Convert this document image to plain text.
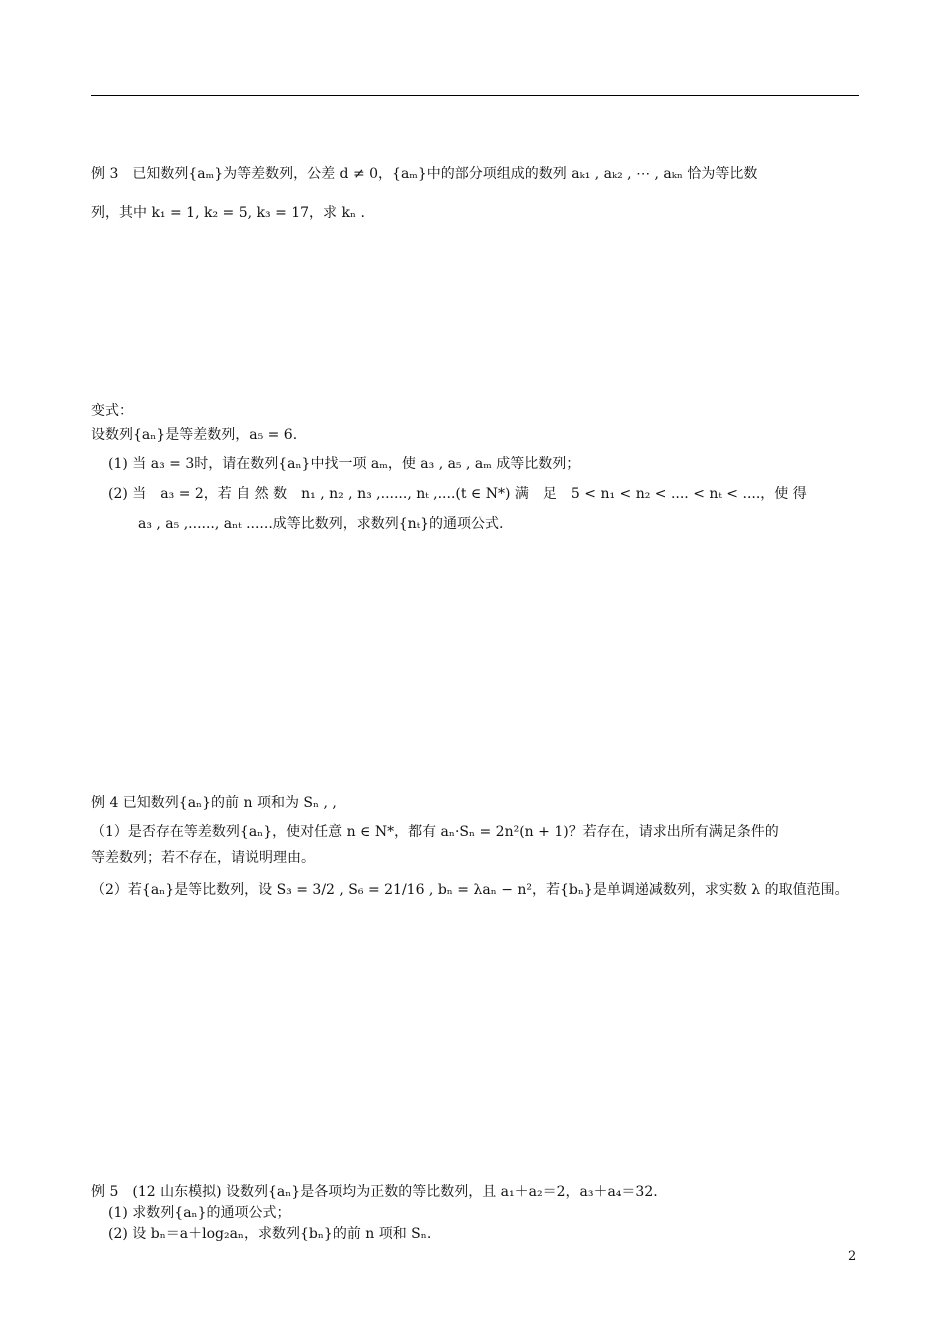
例 3　已知数列{aₘ}为等差数列，公差 d ≠ 0，{aₘ}中的部分项组成的数列 aₖ₁ , aₖ₂ , ⋯ , aₖₙ 恰为等比数
列，其中 k₁ = 1, k₂ = 5, k₃ = 17，求 kₙ .
变式：
设数列{aₙ}是等差数列，a₅ = 6.
(1) 当 a₃ = 3时，请在数列{aₙ}中找一项 aₘ，使 a₃ , a₅ , aₘ 成等比数列；
(2) 当　a₃ = 2，若 自 然 数　n₁ , n₂ , n₃ ,......, nₜ ,....(t ∈ N*) 满　足　5 < n₁ < n₂ < .... < nₜ < ....，使 得
a₃ , a₅ ,......, aₙₜ ......成等比数列，求数列{nₜ}的通项公式.
例 4 已知数列{aₙ}的前 n 项和为 Sₙ , ,
（1）是否存在等差数列{aₙ}，使对任意 n ∈ N*，都有 aₙ·Sₙ = 2n²(n + 1)？若存在，请求出所有满足条件的
等差数列；若不存在，请说明理由。
（2）若{aₙ}是等比数列，设 S₃ = 3/2 , S₆ = 21/16 , bₙ = λaₙ − n²，若{bₙ}是单调递减数列，求实数 λ 的取值范围。
例 5　(12 山东模拟) 设数列{aₙ}是各项均为正数的等比数列，且 a₁＋a₂＝2，a₃＋a₄＝32.
(1) 求数列{aₙ}的通项公式；
(2) 设 bₙ＝a＋log₂aₙ，求数列{bₙ}的前 n 项和 Sₙ.
2
